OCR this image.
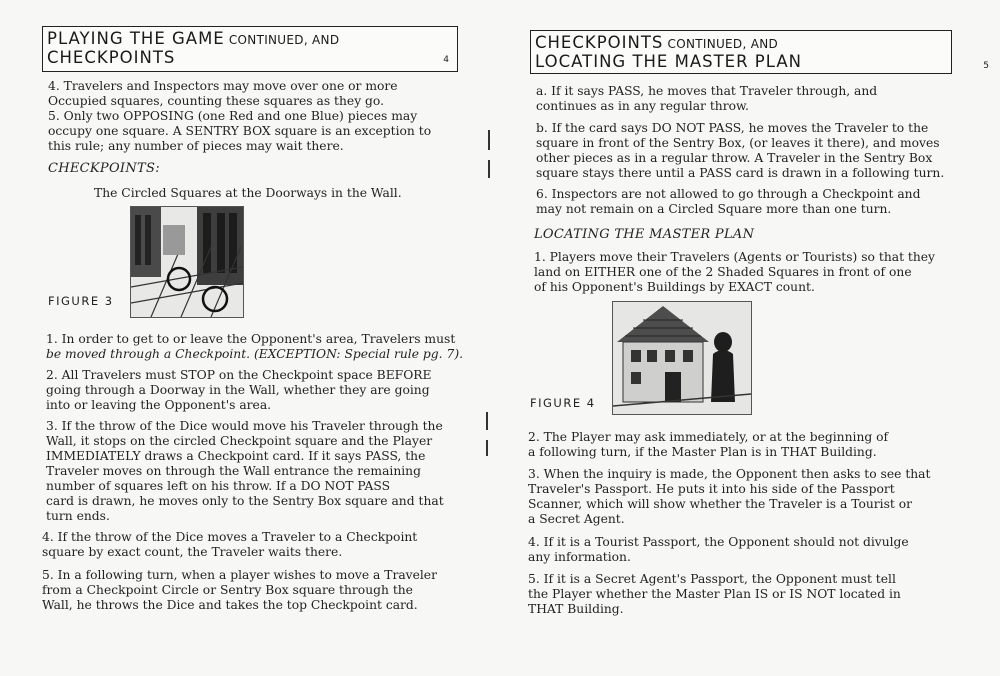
PLAYING THE GAME CONTINUED, AND
CHECKPOINTS	4
4. Travelers and Inspectors may move over one or more
Occupied squares, counting these squares as they go.
5. Only two OPPOSING (one Red and one Blue) pieces may
occupy one square. A SENTRY BOX square is an exception to
this rule; any number of pieces may wait there.
CHECKPOINTS:
The Circled Squares at the Doorways in the Wall.
FIGURE 3
1. In order to get to or leave the Opponent's area, Travelers must
be moved through a Checkpoint. (EXCEPTION: Special rule pg. 7).
2. All Travelers must STOP on the Checkpoint space BEFORE
going through a Doorway in the Wall, whether they are going
into or leaving the Opponent's area.
3. If the throw of the Dice would move his Traveler through the
Wall, it stops on the circled Checkpoint square and the Player
IMMEDIATELY draws a Checkpoint card. If it says PASS, the
Traveler moves on through the Wall entrance the remaining
number of squares left on his throw. If a DO NOT PASS
card is drawn, he moves only to the Sentry Box square and that
turn ends.
4. If the throw of the Dice moves a Traveler to a Checkpoint
square by exact count, the Traveler waits there.
5. In a following turn, when a player wishes to move a Traveler
from a Checkpoint Circle or Sentry Box square through the
Wall, he throws the Dice and takes the top Checkpoint card.
CHECKPOINTS CONTINUED, AND
LOCATING THE MASTER PLAN	5
a. If it says PASS, he moves that Traveler through, and
continues as in any regular throw.
b. If the card says DO NOT PASS, he moves the Traveler to the
square in front of the Sentry Box, (or leaves it there), and moves
other pieces as in a regular throw. A Traveler in the Sentry Box
square stays there until a PASS card is drawn in a following turn.
6. Inspectors are not allowed to go through a Checkpoint and
may not remain on a Circled Square more than one turn.
LOCATING THE MASTER PLAN
1. Players move their Travelers (Agents or Tourists) so that they
land on EITHER one of the 2 Shaded Squares in front of one
of his Opponent's Buildings by EXACT count.
FIGURE 4
2. The Player may ask immediately, or at the beginning of
a following turn, if the Master Plan is in THAT Building.
3. When the inquiry is made, the Opponent then asks to see that
Traveler's Passport. He puts it into his side of the Passport
Scanner, which will show whether the Traveler is a Tourist or
a Secret Agent.
4. If it is a Tourist Passport, the Opponent should not divulge
any information.
5. If it is a Secret Agent's Passport, the Opponent must tell
the Player whether the Master Plan IS or IS NOT located in
THAT Building.
